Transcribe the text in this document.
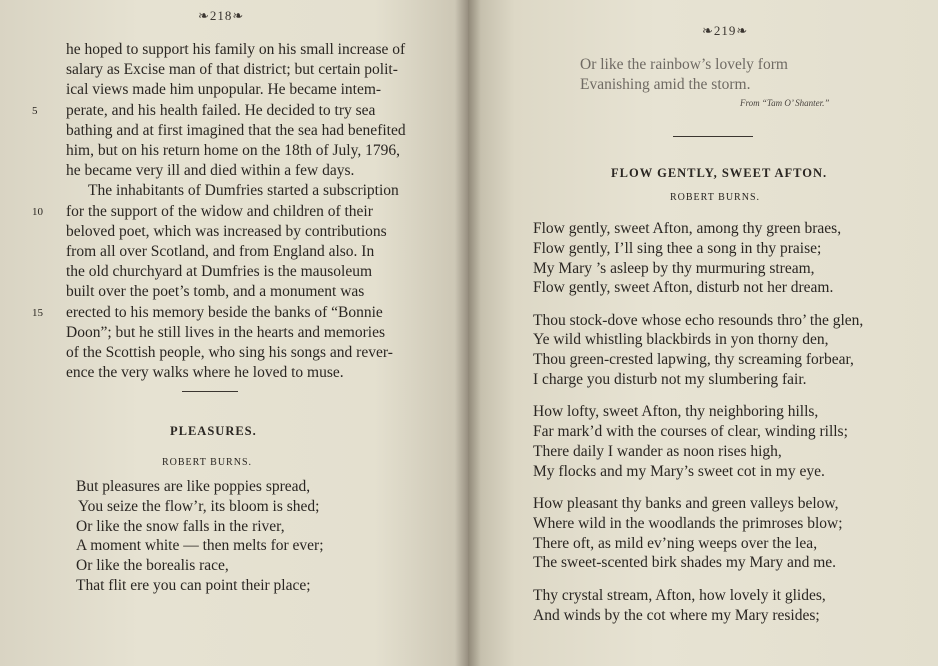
❧218❧
he hoped to support his family on his small increase of
salary as Excise man of that district; but certain polit-
ical views made him unpopular. He became intem-
5 perate, and his health failed. He decided to try sea
bathing and at first imagined that the sea had benefited
him, but on his return home on the 18th of July, 1796,
he became very ill and died within a few days.
The inhabitants of Dumfries started a subscription
10 for the support of the widow and children of their
beloved poet, which was increased by contributions
from all over Scotland, and from England also. In
the old churchyard at Dumfries is the mausoleum
built over the poet’s tomb, and a monument was
15 erected to his memory beside the banks of “Bonnie
Doon”; but he still lives in the hearts and memories
of the Scottish people, who sing his songs and rever-
ence the very walks where he loved to muse.
PLEASURES.
ROBERT BURNS.
But pleasures are like poppies spread,
You seize the flow’r, its bloom is shed;
Or like the snow falls in the river,
A moment white — then melts for ever;
Or like the borealis race,
That flit ere you can point their place;
❧219❧
Or like the rainbow’s lovely form
Evanishing amid the storm.
From “Tam O’ Shanter.”
FLOW GENTLY, SWEET AFTON.
ROBERT BURNS.
Flow gently, sweet Afton, among thy green braes,
Flow gently, I’ll sing thee a song in thy praise;
My Mary ’s asleep by thy murmuring stream,
Flow gently, sweet Afton, disturb not her dream.
Thou stock-dove whose echo resounds thro’ the glen,
Ye wild whistling blackbirds in yon thorny den,
Thou green-crested lapwing, thy screaming forbear,
I charge you disturb not my slumbering fair.
How lofty, sweet Afton, thy neighboring hills,
Far mark’d with the courses of clear, winding rills;
There daily I wander as noon rises high,
My flocks and my Mary’s sweet cot in my eye.
How pleasant thy banks and green valleys below,
Where wild in the woodlands the primroses blow;
There oft, as mild ev’ning weeps over the lea,
The sweet-scented birk shades my Mary and me.
Thy crystal stream, Afton, how lovely it glides,
And winds by the cot where my Mary resides;
